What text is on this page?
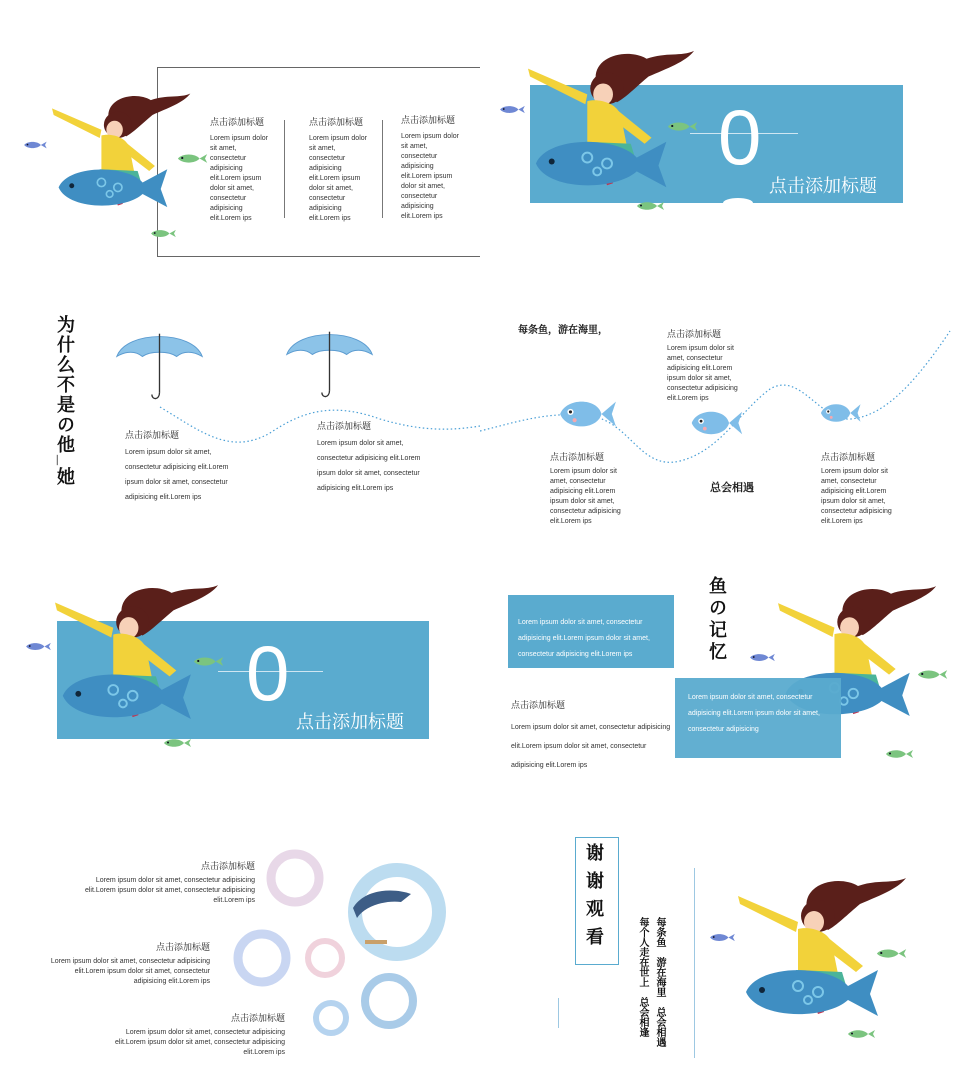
点击添加标题
Lorem ipsum dolor sit amet, consectetur adipisicing elit.Lorem ipsum dolor sit amet, consectetur adipisicing elit.Lorem ips
点击添加标题
Lorem ipsum dolor sit amet, consectetur adipisicing elit.Lorem ipsum dolor sit amet, consectetur adipisicing elit.Lorem ips
点击添加标题
Lorem ipsum dolor sit amet, consectetur adipisicing elit.Lorem ipsum dolor sit amet, consectetur adipisicing elit.Lorem ips
0
点击添加标题
为什么不是の他_她	点击添加标题
Lorem ipsum dolor sit amet, consectetur adipisicing elit.Lorem ipsum dolor sit amet, consectetur adipisicing elit.Lorem ips
点击添加标题
Lorem ipsum dolor sit amet, consectetur adipisicing elit.Lorem ipsum dolor sit amet, consectetur adipisicing elit.Lorem ips
每条鱼，游在海里，	点击添加标题
Lorem ipsum dolor sit amet, consectetur adipisicing elit.Lorem ipsum dolor sit amet, consectetur adipisicing elit.Lorem ips
点击添加标题
Lorem ipsum dolor sit amet, consectetur adipisicing elit.Lorem ipsum dolor sit amet, consectetur adipisicing elit.Lorem ips
总会相遇
点击添加标题
Lorem ipsum dolor sit amet, consectetur adipisicing elit.Lorem ipsum dolor sit amet, consectetur adipisicing elit.Lorem ips
0
点击添加标题
Lorem ipsum dolor sit amet, consectetur adipisicing elit.Lorem ipsum dolor sit amet, consectetur adipisicing elit.Lorem ips	鱼の记忆
点击添加标题
Lorem ipsum dolor sit amet, consectetur adipisicing elit.Lorem ipsum dolor sit amet, consectetur adipisicing elit.Lorem ips
Lorem ipsum dolor sit amet, consectetur adipisicing elit.Lorem ipsum dolor sit amet, consectetur adipisicing
点击添加标题
Lorem ipsum dolor sit amet, consectetur adipisicing elit.Lorem ipsum dolor sit amet, consectetur adipisicing elit.Lorem ips
点击添加标题
Lorem ipsum dolor sit amet, consectetur adipisicing elit.Lorem ipsum dolor sit amet, consectetur adipisicing elit.Lorem ips
点击添加标题
Lorem ipsum dolor sit amet, consectetur adipisicing elit.Lorem ipsum dolor sit amet, consectetur adipisicing elit.Lorem ips
谢谢观看
每条鱼　游在海里　总会相遇
每个人走在世上　总会相逢
